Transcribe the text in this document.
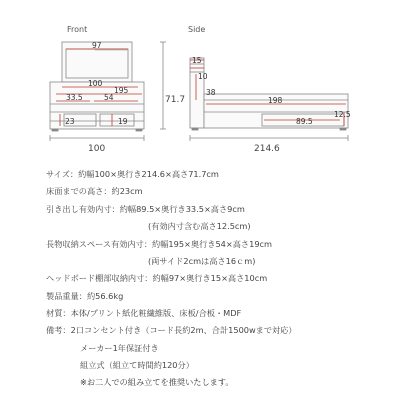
Front	Side
97
100
195
33.5	54
23	19
71.7
100
15
10
38
198
89.5
12.5
214.6
サイズ：約幅100×奥行き214.6×高さ71.7cm
床面までの高さ：約23cm
引き出し有効内寸：約幅89.5×奥行き33.5×高さ9cm
(有効内寸含む高さ12.5cm)
長物収納スペース有効内寸：約幅195×奥行き54×高さ19cm
(両サイド2cmは高さ16ｃm)
ヘッドボード棚部収納内寸：約幅97×奥行き15×高さ10cm
製品重量：約56.6kg
材質：本体/プリント紙化粧繊維版、床板/合板・MDF
備考：2口コンセント付き（コード長約2m、合計1500wまで対応）
メーカー1年保証付き
組立式（組立て時間約120分）
※お二人での組み立てを推奨いたします。
